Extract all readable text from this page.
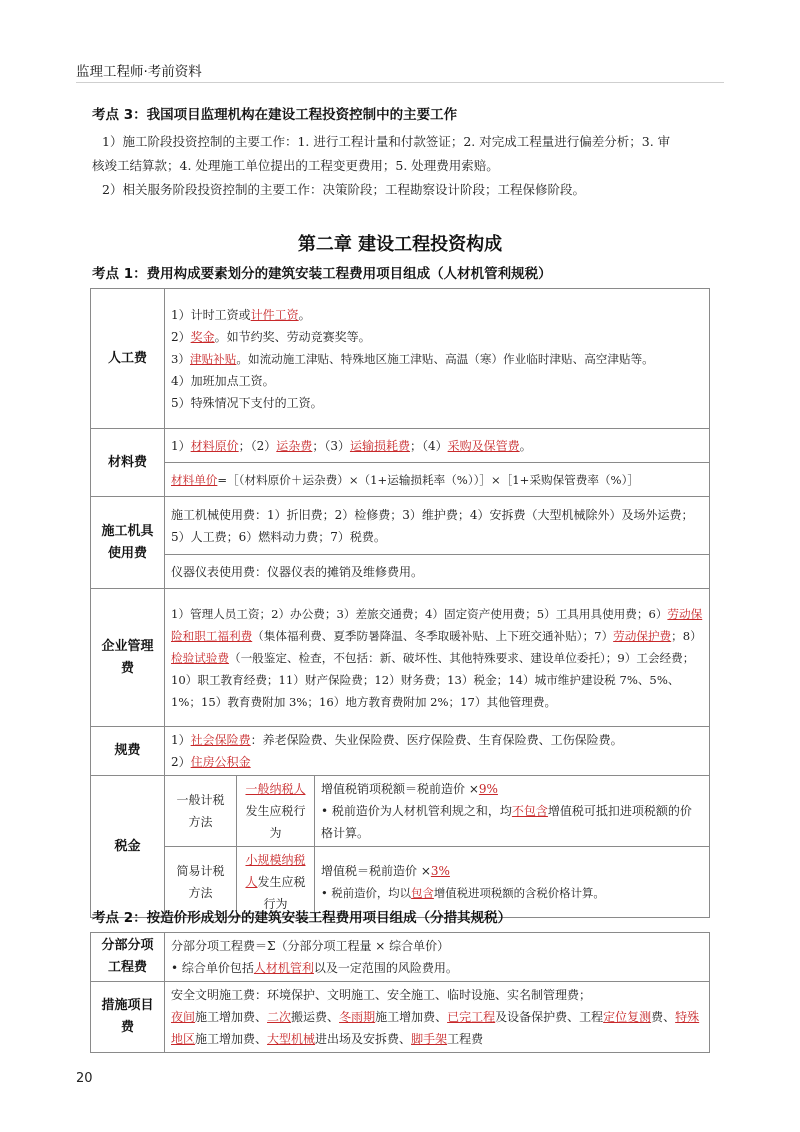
监理工程师·考前资料
考点 3：我国项目监理机构在建设工程投资控制中的主要工作
1）施工阶段投资控制的主要工作：1. 进行工程计量和付款签证；2. 对完成工程量进行偏差分析；3. 审
核竣工结算款；4. 处理施工单位提出的工程变更费用；5. 处理费用索赔。
2）相关服务阶段投资控制的主要工作：决策阶段；工程勘察设计阶段；工程保修阶段。
第二章 建设工程投资构成
考点 1：费用构成要素划分的建筑安装工程费用项目组成（人材机管利规税）
人工费	1）计时工资或计件工资。
2）奖金。如节约奖、劳动竞赛奖等。
3）津贴补贴。如流动施工津贴、特殊地区施工津贴、高温（寒）作业临时津贴、高空津贴等。
4）加班加点工资。
5）特殊情况下支付的工资。		

材料费	1）材料原价；（2）运杂费；（3）运输损耗费；（4）采购及保管费。		

	材料单价=［（材料原价＋运杂费）×（1+运输损耗率（%））］×［1+采购保管费率（%）］		

施工机具使用费	施工机械使用费：1）折旧费；2）检修费；3）维护费；4）安拆费（大型机械除外）及场外运费；5）人工费；6）燃料动力费；7）税费。		

	仪器仪表使用费：仪器仪表的摊销及维修费用。		

企业管理费	1）管理人员工资；2）办公费；3）差旅交通费；4）固定资产使用费；5）工具用具使用费；6）劳动保险和职工福利费（集体福利费、夏季防暑降温、冬季取暖补贴、上下班交通补贴）；7）劳动保护费；8）检验试验费（一般鉴定、检查，不包括：新、破坏性、其他特殊要求、建设单位委托）；9）工会经费；10）职工教育经费；11）财产保险费；12）财务费；13）税金；14）城市维护建设税 7%、5%、1%；15）教育费附加 3%；16）地方教育费附加 2%；17）其他管理费。		

规费	1）社会保险费：养老保险费、失业保险费、医疗保险费、生育保险费、工伤保险费。
2）住房公积金		

税金	一般计税方法	一般纳税人发生应税行为	增值税销项税额＝税前造价 ×9%
• 税前造价为人材机管利规之和，均不包含增值税可抵扣进项税额的价格计算。

	简易计税方法	小规模纳税人发生应税行为	增值税＝税前造价 ×3%
• 税前造价，均以包含增值税进项税额的含税价格计算。
考点 2：按造价形成划分的建筑安装工程费用项目组成（分措其规税）
分部分项工程费	分部分项工程费＝Σ（分部分项工程量 × 综合单价）
• 综合单价包括人材机管利以及一定范围的风险费用。

措施项目费	安全文明施工费：环境保护、文明施工、安全施工、临时设施、实名制管理费；
夜间施工增加费、二次搬运费、冬雨期施工增加费、已完工程及设备保护费、工程定位复测费、特殊地区施工增加费、大型机械进出场及安拆费、脚手架工程费
20
